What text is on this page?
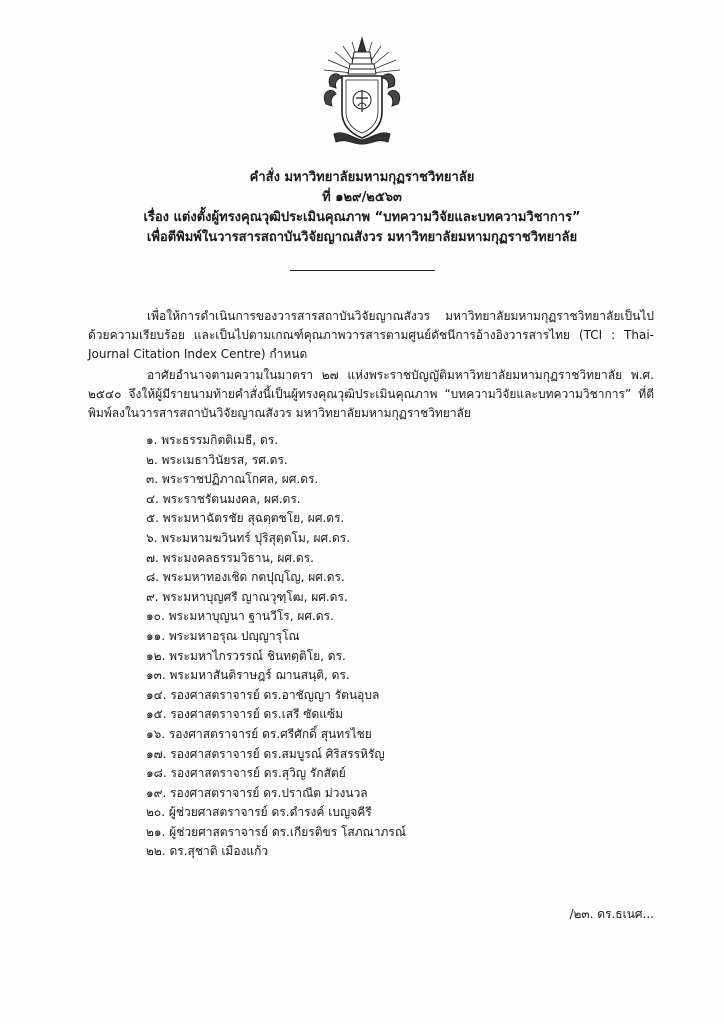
คำสั่ง มหาวิทยาลัยมหามกุฏราชวิทยาลัย
ที่ ๑๒๙/๒๕๖๓
เรื่อง แต่งตั้งผู้ทรงคุณวุฒิประเมินคุณภาพ “บทความวิจัยและบทความวิชาการ”
เพื่อตีพิมพ์ในวารสารสถาบันวิจัยญาณสังวร มหาวิทยาลัยมหามกุฏราชวิทยาลัย

เพื่อให้การดำเนินการของวารสารสถาบันวิจัยญาณสังวร มหาวิทยาลัยมหามกุฏราชวิทยาลัยเป็นไปด้วยความเรียบร้อย และเป็นไปตามเกณฑ์คุณภาพวารสารตามศูนย์ดัชนีการอ้างอิงวารสารไทย (TCI : Thai-Journal Citation Index Centre) กำหนด

อาศัยอำนาจตามความในมาตรา ๒๗ แห่งพระราชบัญญัติมหาวิทยาลัยมหามกุฏราชวิทยาลัย พ.ศ. ๒๕๔๐ จึงให้ผู้มีรายนามท้ายคำสั่งนี้เป็นผู้ทรงคุณวุฒิประเมินคุณภาพ “บทความวิจัยและบทความวิชาการ” ที่ตีพิมพ์ลงในวารสารสถาบันวิจัยญาณสังวร มหาวิทยาลัยมหามกุฏราชวิทยาลัย

๑. พระธรรมกิตติเมธี, ดร.
๒. พระเมธาวินัยรส, รศ.ดร.
๓. พระราชปฏิภาณโกศล, ผศ.ดร.
๔. พระราชรัตนมงคล, ผศ.ดร.
๕. พระมหาฉัตรชัย สุฉตฺตชโย, ผศ.ดร.
๖. พระมหามฆวินทร์ ปุริสุตฺตโม, ผศ.ดร.
๗. พระมงคลธรรมวิธาน, ผศ.ดร.
๘. พระมหาทองเชิด กตปุญฺโญ, ผศ.ดร.
๙. พระมหาบุญศรี ญาณวุฑฺโฒ, ผศ.ดร.
๑๐. พระมหาบุญนา ฐานวีโร, ผศ.ดร.
๑๑. พระมหาอรุณ ปญฺญารุโณ
๑๒. พระมหาไกรวรรณ์ ชินทตฺติโย, ดร.
๑๓. พระมหาสันติราษฎร์ ฌานสนฺติ, ดร.
๑๔. รองศาสตราจารย์ ดร.อาชัญญา รัตนอุบล
๑๕. รองศาสตราจารย์ ดร.เสรี ซัดแซ้ม
๑๖. รองศาสตราจารย์ ดร.ศรีศักดิ์ สุนทรไชย
๑๗. รองศาสตราจารย์ ดร.สมบูรณ์ ศิริสรรหิรัญ
๑๘. รองศาสตราจารย์ ดร.สุวิญ รักสัตย์
๑๙. รองศาสตราจารย์ ดร.ปราณีต ม่วงนวล
๒๐. ผู้ช่วยศาสตราจารย์ ดร.ดำรงค์ เบญจคีรี
๒๑. ผู้ช่วยศาสตราจารย์ ดร.เกียรติขร โสภณาภรณ์
๒๒. ดร.สุชาติ เมืองแก้ว
/๒๓. ดร.ธเนศ...
